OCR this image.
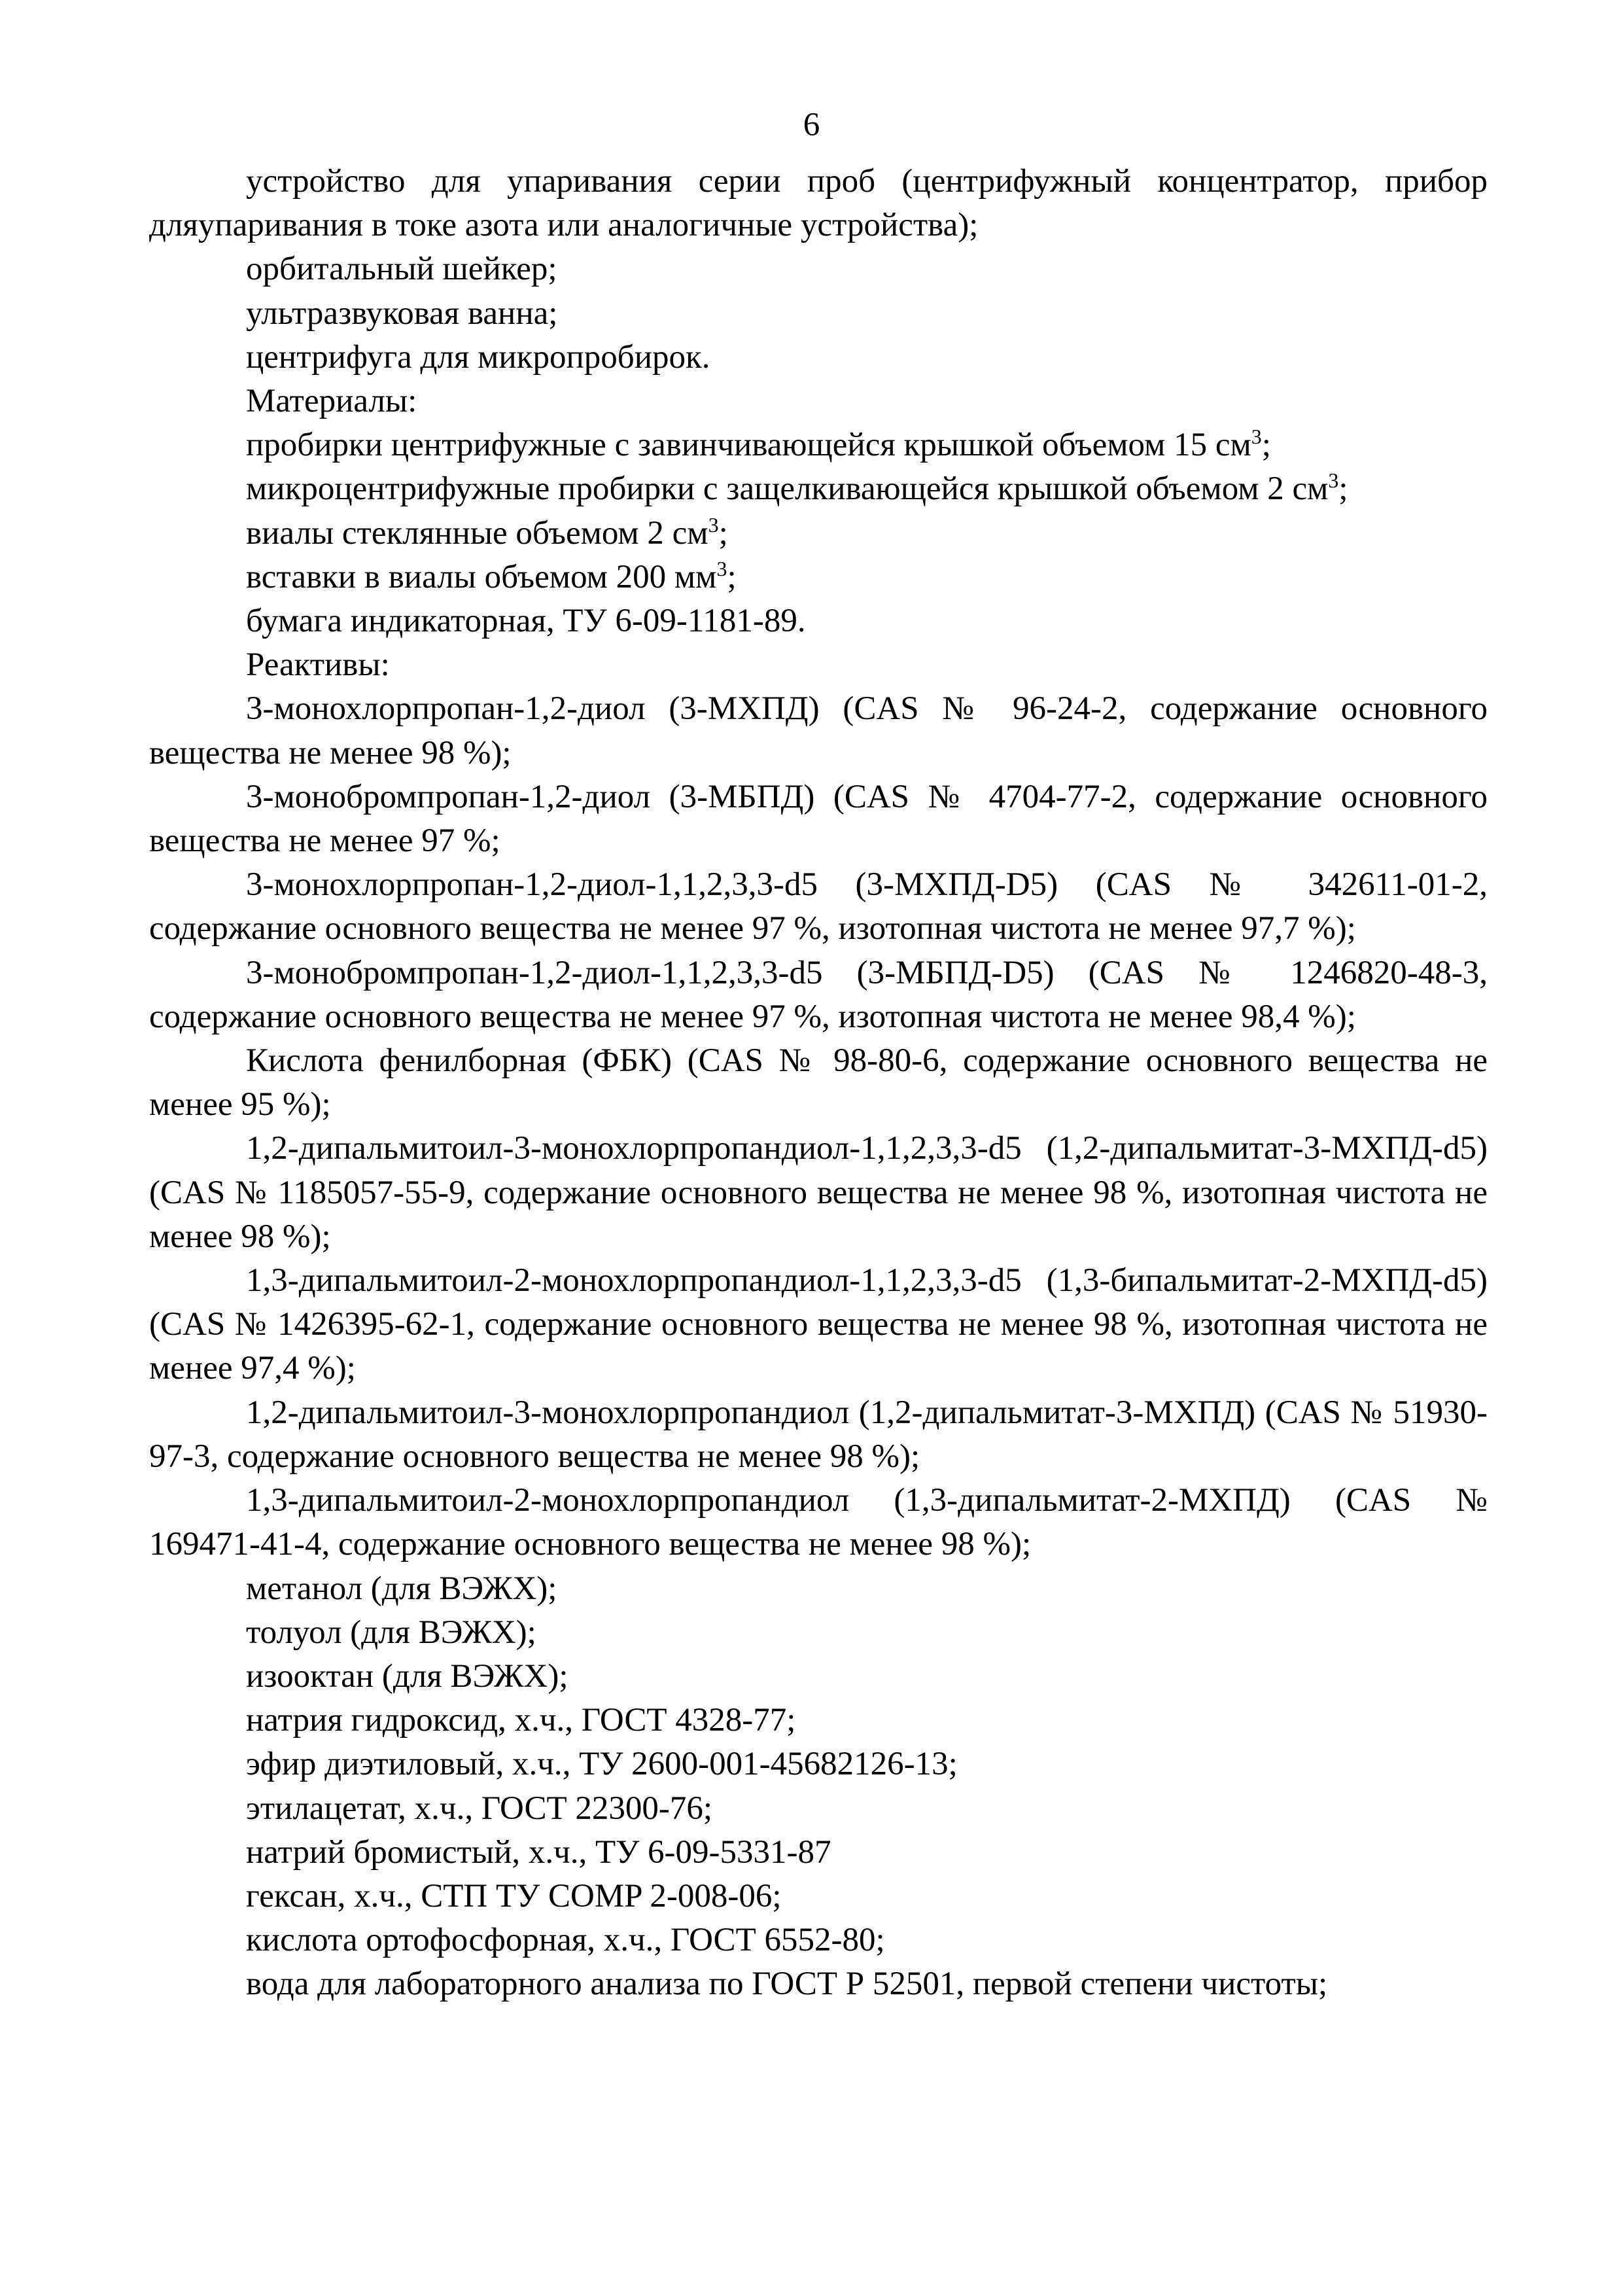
6

устройство для упаривания серии проб (центрифужный концентратор, прибор дляупаривания в токе азота или аналогичные устройства);

орбитальный шейкер;

ультразвуковая ванна;

центрифуга для микропробирок.

Материалы:

пробирки центрифужные с завинчивающейся крышкой объемом 15 $см^3$;

микроцентрифужные пробирки с защелкивающейся крышкой объемом 2 $см^3$;

виалы стеклянные объемом 2 $см^3$;

вставки в виалы объемом 200 $мм^3$;

бумага индикаторная, ТУ 6-09-1181-89.

Реактивы:

3-монохлорпропан-1,2-диол (3-МХПД) (CAS № 96-24-2, содержание основного вещества не менее 98 %);

3-монобромпропан-1,2-диол (3-МБПД) (CAS № 4704-77-2, содержание основного вещества не менее 97 %;

3-монохлорпропан-1,2-диол-1,1,2,3,3-d5 (3-МХПД-D5) (CAS № 342611-01-2, содержание основного вещества не менее 97 %, изотопная чистота не менее 97,7 %);

3-монобромпропан-1,2-диол-1,1,2,3,3-d5 (3-МБПД-D5) (CAS № 1246820-48-3, содержание основного вещества не менее 97 %, изотопная чистота не менее 98,4 %);

Кислота фенилборная (ФБК) (CAS № 98-80-6, содержание основного вещества не менее 95 %);

1,2-дипальмитоил-3-монохлорпропандиол-1,1,2,3,3-d5 (1,2-дипальмитат-3-МХПД-d5) (CAS № 1185057-55-9, содержание основного вещества не менее 98 %, изотопная чистота не менее 98 %);

1,3-дипальмитоил-2-монохлорпропандиол-1,1,2,3,3-d5 (1,3-бипальмитат-2-МХПД-d5) (CAS № 1426395-62-1, содержание основного вещества не менее 98 %, изотопная чистота не менее 97,4 %);

1,2-дипальмитоил-3-монохлорпропандиол (1,2-дипальмитат-3-МХПД) (CAS № 51930-97-3, содержание основного вещества не менее 98 %);

1,3-дипальмитоил-2-монохлорпропандиол (1,3-дипальмитат-2-МХПД) (CAS № 169471-41-4, содержание основного вещества не менее 98 %);

метанол (для ВЭЖХ);

толуол (для ВЭЖХ);

изооктан (для ВЭЖХ);

натрия гидроксид, х.ч., ГОСТ 4328-77;

эфир диэтиловый, х.ч., ТУ 2600-001-45682126-13;

этилацетат, х.ч., ГОСТ 22300-76;

натрий бромистый, х.ч., ТУ 6-09-5331-87

гексан, х.ч., СТП ТУ COMP 2-008-06;

кислота ортофосфорная, х.ч., ГОСТ 6552-80;

вода для лабораторного анализа по ГОСТ Р 52501, первой степени чистоты;
